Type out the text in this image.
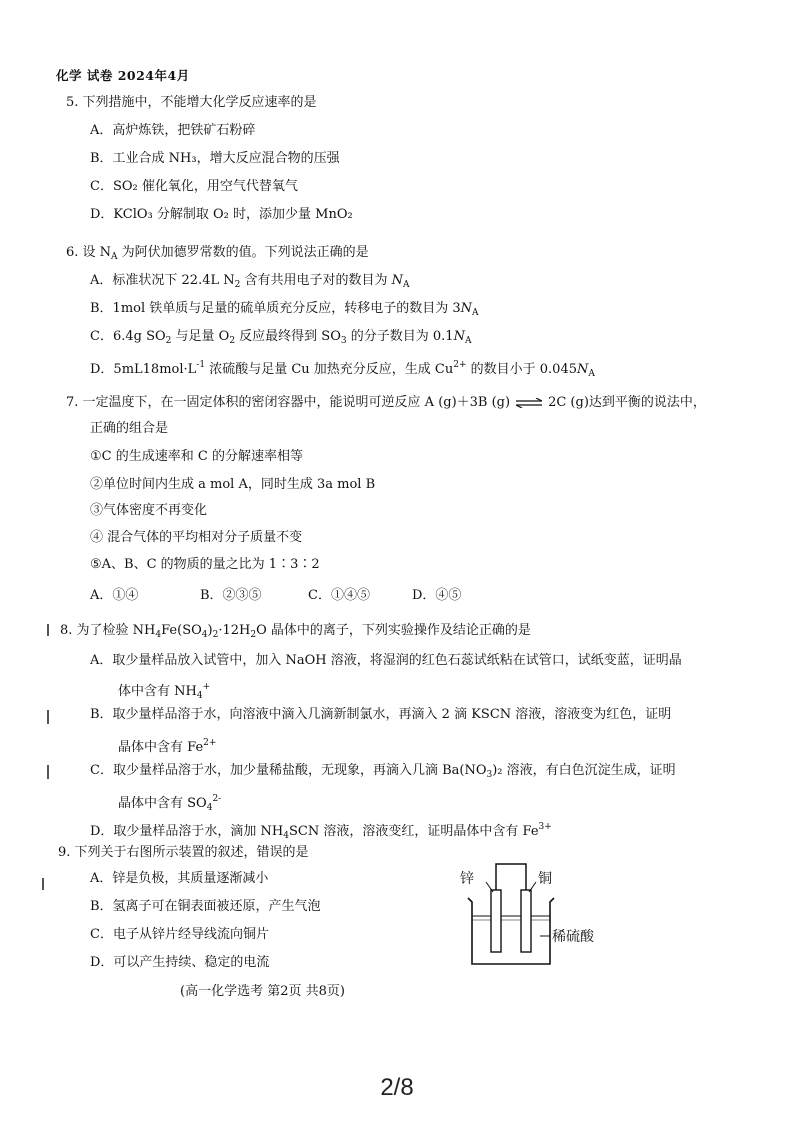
化学 试卷 2024年4月
5. 下列措施中，不能增大化学反应速率的是
A．高炉炼铁，把铁矿石粉碎
B．工业合成 NH₃，增大反应混合物的压强
C．SO₂ 催化氧化，用空气代替氧气
D．KClO₃ 分解制取 O₂ 时，添加少量 MnO₂
6. 设 $N_A$ 为阿伏加德罗常数的值。下列说法正确的是
A．标准状况下 22.4L $N_2$ 含有共用电子对的数目为 $N_A$
B．1mol 铁单质与足量的硫单质充分反应，转移电子的数目为 $3N_A$
C．6.4g $SO_2$ 与足量 $O_2$ 反应最终得到 $SO_3$ 的分子数目为 $0.1N_A$
D．$5mL18mol\cdot L^{-1}$ 浓硫酸与足量 Cu 加热充分反应，生成 $Cu^{2+}$ 的数目小于 $0.045N_A$
7. 一定温度下，在一固定体积的密闭容器中，能说明可逆反应 A (g)＋3B (g) ⇌ 2C (g)达到平衡的说法中，
正确的组合是
①C 的生成速率和 C 的分解速率相等
②单位时间内生成 a mol A，同时生成 3a mol B
③气体密度不再变化
④ 混合气体的平均相对分子质量不变
⑤A、B、C 的物质的量之比为 1∶3∶2
A．①④	B．②③⑤	C．①④⑤	D．④⑤
8. 为了检验 $NH_4Fe(SO_4)_2\cdot 12H_2O$ 晶体中的离子，下列实验操作及结论正确的是
A．取少量样品放入试管中，加入 NaOH 溶液，将湿润的红色石蕊试纸粘在试管口，试纸变蓝，证明晶
体中含有 $NH_4^+$
B．取少量样品溶于水，向溶液中滴入几滴新制氯水，再滴入 2 滴 KSCN 溶液，溶液变为红色，证明
晶体中含有 $Fe^{2+}$
C．取少量样品溶于水，加少量稀盐酸，无现象，再滴入几滴 $Ba(NO_3)_2$ 溶液，有白色沉淀生成，证明
晶体中含有 $SO_4^{2-}$
D．取少量样品溶于水，滴加 $NH_4SCN$ 溶液，溶液变红，证明晶体中含有 $Fe^{3+}$
9. 下列关于右图所示装置的叙述，错误的是
A．锌是负极，其质量逐渐减小
B．氢离子可在铜表面被还原，产生气泡
C．电子从锌片经导线流向铜片
D．可以产生持续、稳定的电流
锌	铜
稀硫酸
(高一化学选考 第2页 共8页)
2/8
